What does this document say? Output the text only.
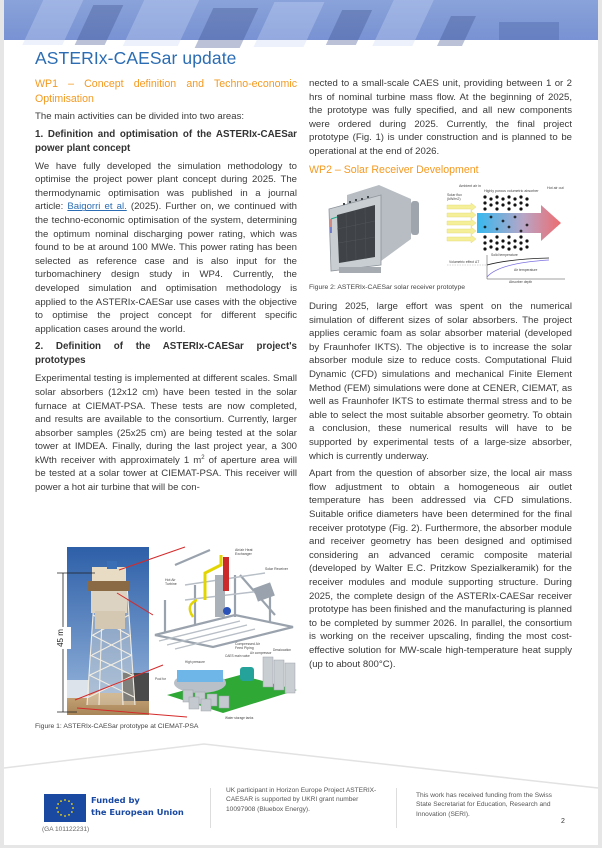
ASTERIx-CAESar update
WP1 – Concept definition and Techno-economic Optimisation

The main activities can be divided into two areas:

1. Definition and optimisation of the ASTERIx-CAESar power plant concept

We have fully developed the simulation methodology to optimise the project power plant concept during 2025. The thermodynamic optimisation was published in a journal article: Baigorri et al. (2025). Further on, we continued with the techno-economic optimisation of the system, determining the optimum nominal discharging power rating, which was found to be at around 100 MWe. This power rating has been selected as reference case and is also input for the turbomachinery design study in WP4. Currently, the developed simulation and optimisation methodology is applied to the ASTERIx-CAESar use cases with the objective to optimise the project concept for different specific application cases around the world.

2. Definition of the ASTERIx-CAESar project's prototypes

Experimental testing is implemented at different scales. Small solar absorbers (12x12 cm) have been tested in the solar furnace at CIEMAT-PSA. These tests are now completed, and results are available to the consortium. Currently, larger absorber samples (25x25 cm) are being tested at the solar tower at IMDEA. Finally, during the last project year, a 300 kWth receiver with approximately 1 $m^2$ of aperture area will be tested at a solar tower at CIEMAT-PSA. This receiver will power a hot air turbine that will be con-

45 m
Air/air Heat
Exchanger
Solar Receiver
Hot Air
Turbine
Compressed Air
Feed Piping
High pressure
CAES main valve
Air compressor
Dessiccation
Pool for
Water storage tanks
Figure 1: ASTERIx-CAESar prototype at CIEMAT-PSA

nected to a small-scale CAES unit, providing between 1 or 2 hrs of nominal turbine mass flow. At the beginning of 2025, the prototype was fully specified, and all new components were ordered during 2025. Currently, the final project prototype (Fig. 1) is under construction and is planned to be operational at the end of 2026.

WP2 – Solar Receiver Development
Ambient air in
Highly porous volumetric absorber
Hot air out
Solar flux
(kW/m2)
Solid temperature
Volumetric effect ΔT
Air temperature
Absorber depth
Figure 2: ASTERIx-CAESar solar receiver prototype

During 2025, large effort was spent on the numerical simulation of different sizes of solar absorbers. The project applies ceramic foam as solar absorber material (developed by Fraunhofer IKTS). The objective is to increase the solar absorber module size to reduce costs. Computational Fluid Dynamic (CFD) simulations and mechanical Finite Element Method (FEM) simulations were done at CENER, CIEMAT, as well as Fraunhofer IKTS to estimate thermal stress and to be able to select the most suitable absorber geometry. To obtain a conclusion, these numerical results will have to be supported by experimental tests of a large-size absorber, which is currently underway.

Apart from the question of absorber size, the local air mass flow adjustment to obtain a homogeneous air outlet temperature has been addressed via CFD simulations. Suitable orifice diameters have been determined for the final receiver prototype (Fig. 2). Furthermore, the absorber module and receiver geometry has been designed and optimised considering an advanced ceramic composite material (developed by Walter E.C. Pritzkow Spezialkeramik) for the receiver modules and module supporting structure. During 2025, the complete design of the ASTERIx-CAESar receiver prototype has been finished and the manufacturing is planned to be completed by summer 2026. In parallel, the consortium is working on the receiver upscaling, finding the most cost-effective solution for MW-scale high-temperature heat supply (up to about 800°C).

Funded by
the European Union
(GA 101122231)
UK participant in Horizon Europe Project ASTERIX-CAESAR is supported by UKRI grant number 10097908 (Bluebox Energy).
This work has received funding from the Swiss State Secretariat for Education, Research and Innovation (SERI).
2
